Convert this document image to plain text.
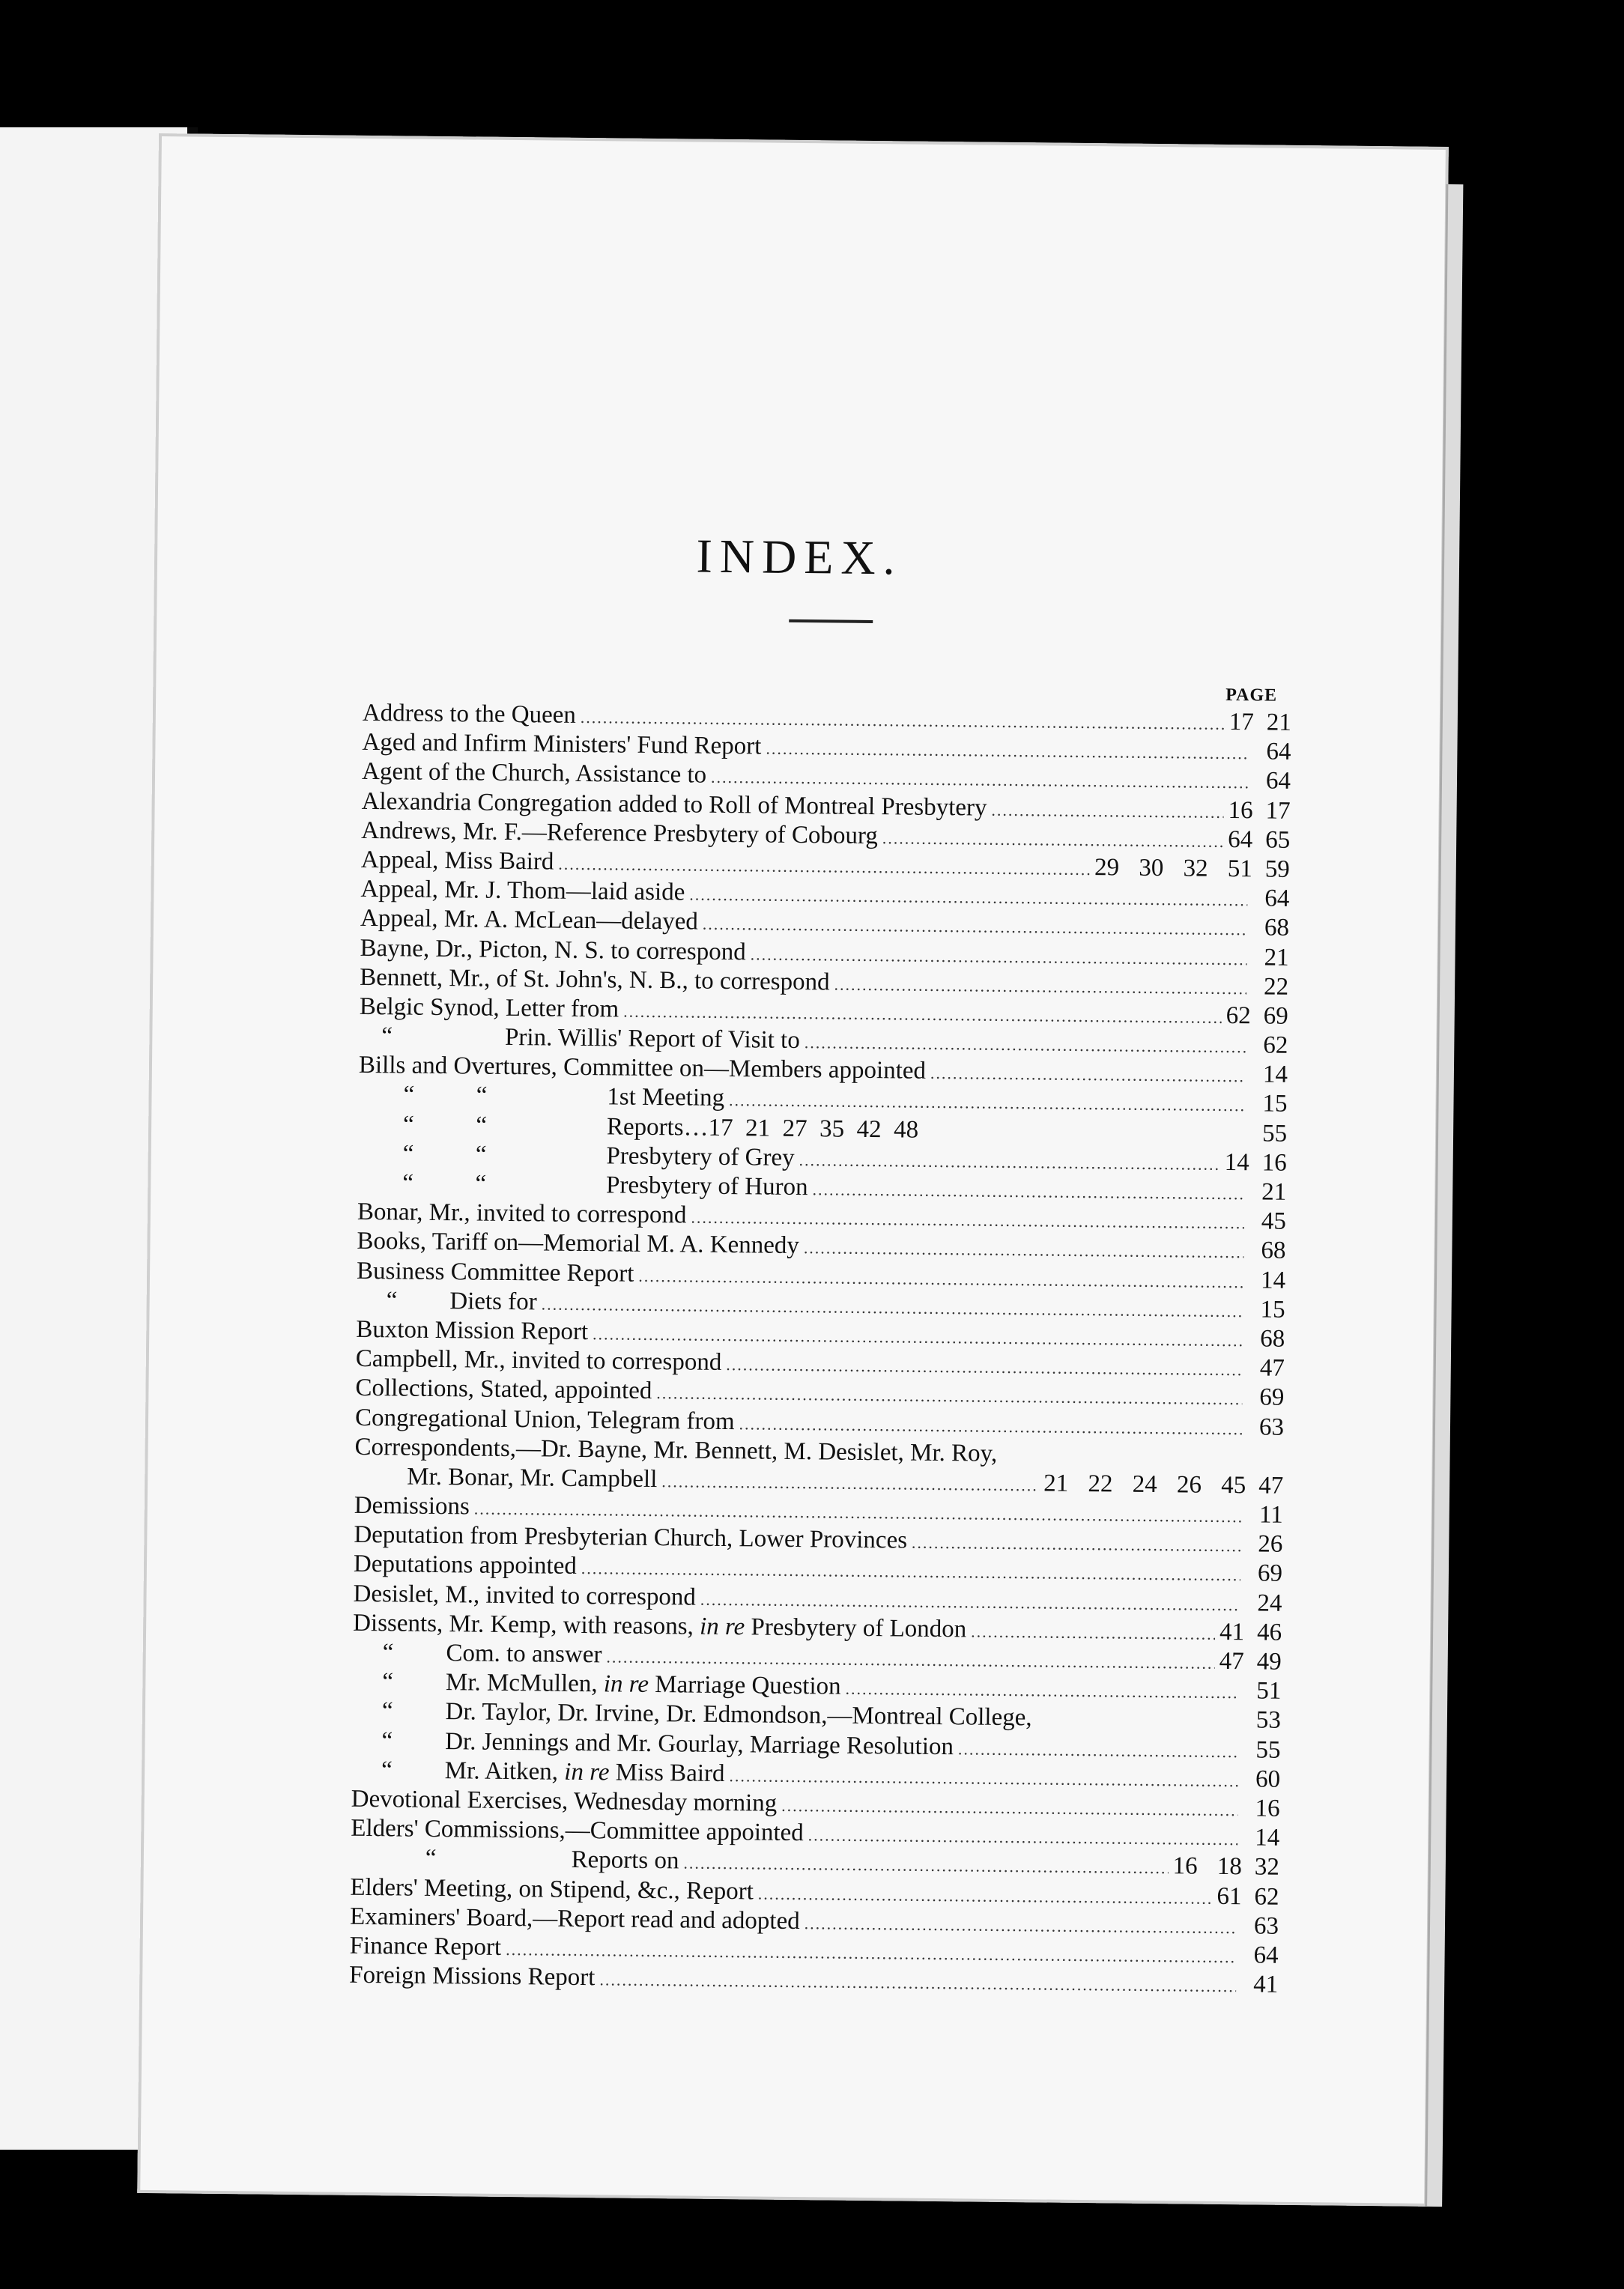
INDEX.
PAGE
Address to the Queen .....	17 21
Aged and Infirm Ministers' Fund Report .....	64
Agent of the Church, Assistance to .....	64
Alexandria Congregation added to Roll of Montreal Presbytery .....	16 17
Andrews, Mr. F.—Reference Presbytery of Cobourg .....	64 65
Appeal, Miss Baird .....	29 30 32 51 59
Appeal, Mr. J. Thom—laid aside .....	64
Appeal, Mr. A. McLean—delayed .....	68
Bayne, Dr., Picton, N. S. to correspond .....	21
Bennett, Mr., of St. John's, N. B., to correspond .....	22
Belgic Synod, Letter from .....	62 69
“	Prin. Willis' Report of Visit to .....	62
Bills and Overtures, Committee on—Members appointed .....	14
“          “	1st Meeting .....	15
“          “	Reports…17  21  27  35  42  48	55
“          “	Presbytery of Grey .....	14 16
“          “	Presbytery of Huron .....	21
Bonar, Mr., invited to correspond .....	45
Books, Tariff on—Memorial M. A. Kennedy .....	68
Business Committee Report .....	14
“ Diets for .....	15
Buxton Mission Report .....	68
Campbell, Mr., invited to correspond .....	47
Collections, Stated, appointed .....	69
Congregational Union, Telegram from .....	63
Correspondents,—Dr. Bayne, Mr. Bennett, M. Desislet, Mr. Roy,
Mr. Bonar, Mr. Campbell .....	21 22 24 26 45 47
Demissions .....	11
Deputation from Presbyterian Church, Lower Provinces .....	26
Deputations appointed .....	69
Desislet, M., invited to correspond .....	24
Dissents, Mr. Kemp, with reasons, in re Presbytery of London .....	41 46
“ Com. to answer .....	47 49
“ Mr. McMullen, in re Marriage Question .....	51
“ Dr. Taylor, Dr. Irvine, Dr. Edmondson,—Montreal College,	53
“ Dr. Jennings and Mr. Gourlay, Marriage Resolution .....	55
“ Mr. Aitken, in re Miss Baird .....	60
Devotional Exercises, Wednesday morning .....	16
Elders' Commissions,—Committee appointed .....	14
“	Reports on .....	16 18 32
Elders' Meeting, on Stipend, &c., Report .....	61 62
Examiners' Board,—Report read and adopted .....	63
Finance Report .....	64
Foreign Missions Report .....	41
